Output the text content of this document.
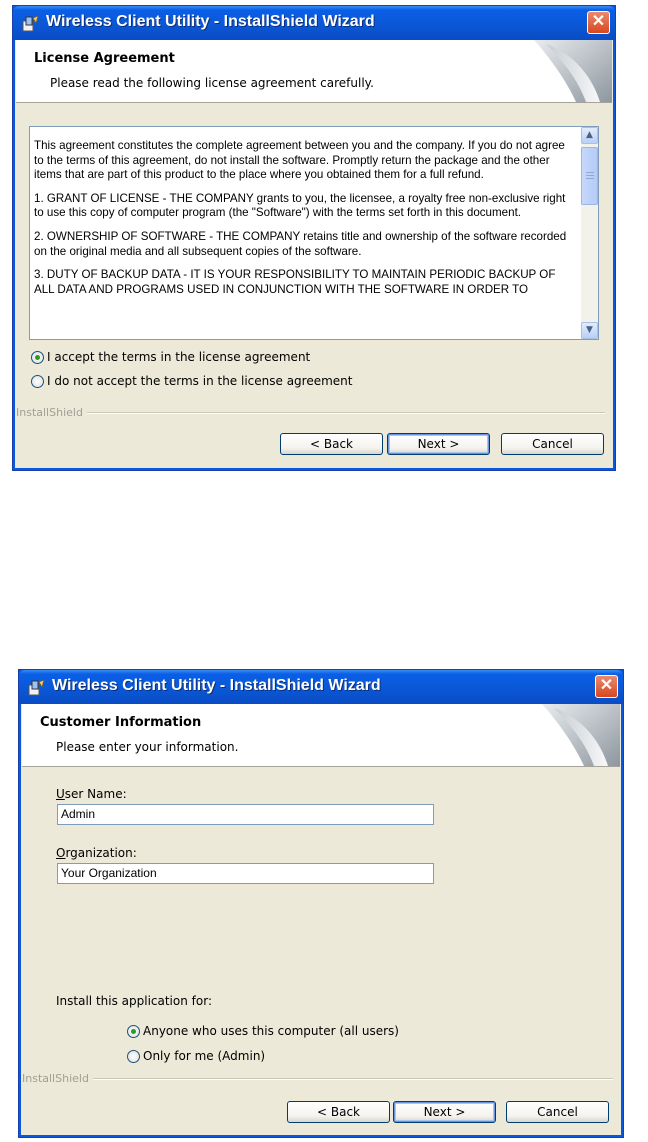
Wireless Client Utility - InstallShield Wizard	✕
License Agreement
Please read the following license agreement carefully.

This agreement constitutes the complete agreement between you and the company. If you do not agree to the terms of this agreement, do not install the software. Promptly return the package and the other items that are part of this product to the place where you obtained them for a full refund.

1. GRANT OF LICENSE - THE COMPANY grants to you, the licensee, a royalty free non-exclusive right to use this copy of computer program (the "Software") with the terms set forth in this document.

2. OWNERSHIP OF SOFTWARE - THE COMPANY retains title and ownership of the software recorded on the original media and all subsequent copies of the software.

3. DUTY OF BACKUP DATA - IT IS YOUR RESPONSIBILITY TO MAINTAIN PERIODIC BACKUP OF ALL DATA AND PROGRAMS USED IN CONJUNCTION WITH THE SOFTWARE IN ORDER TO

▲
▼
I accept the terms in the license agreement
I do not accept the terms in the license agreement
InstallShield
< Back	Next >	Cancel
Wireless Client Utility - InstallShield Wizard	✕
Customer Information
Please enter your information.
User Name:
Admin
Organization:
Your Organization
Install this application for:
Anyone who uses this computer (all users)
Only for me (Admin)
InstallShield
< Back	Next >	Cancel
